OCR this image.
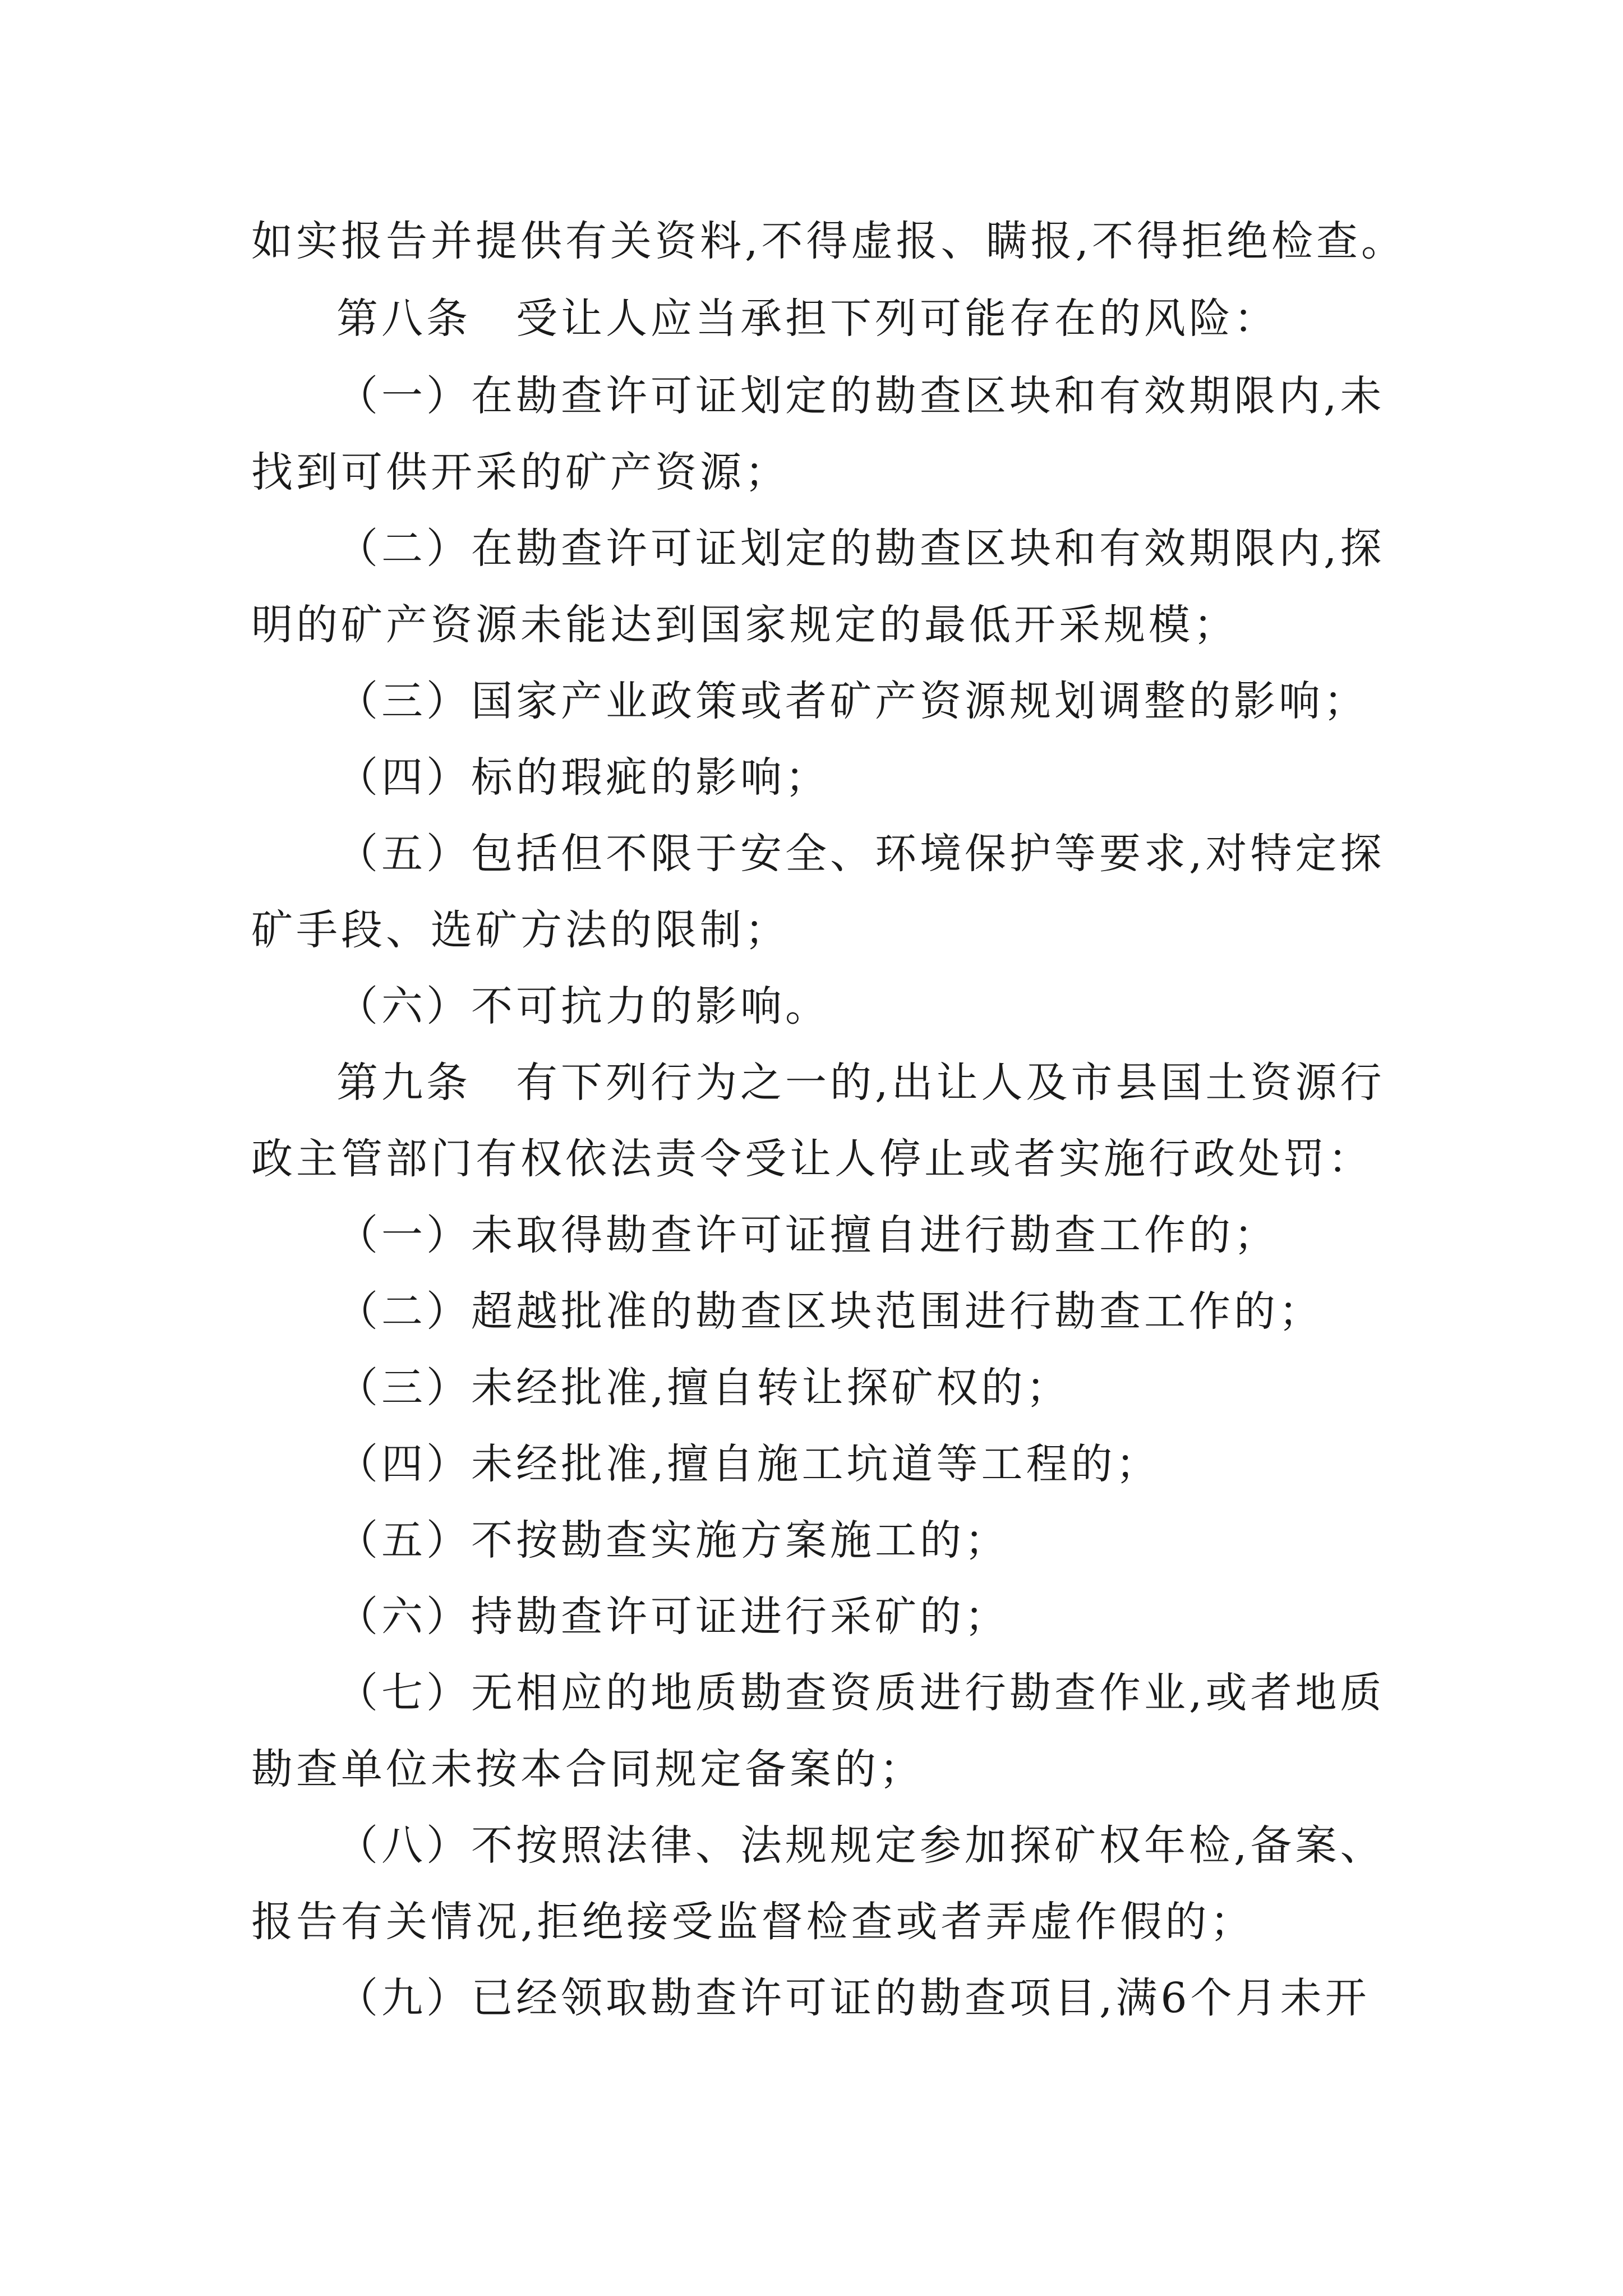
如实报告并提供有关资料,不得虚报、瞒报,不得拒绝检查。

第八条 受让人应当承担下列可能存在的风险：

（一）在勘查许可证划定的勘查区块和有效期限内,未

找到可供开采的矿产资源；

（二）在勘查许可证划定的勘查区块和有效期限内,探

明的矿产资源未能达到国家规定的最低开采规模；

（三）国家产业政策或者矿产资源规划调整的影响；

（四）标的瑕疵的影响；

（五）包括但不限于安全、环境保护等要求,对特定探

矿手段、选矿方法的限制；

（六）不可抗力的影响。

第九条 有下列行为之一的,出让人及市县国土资源行

政主管部门有权依法责令受让人停止或者实施行政处罚：

（一）未取得勘查许可证擅自进行勘查工作的；

（二）超越批准的勘查区块范围进行勘查工作的；

（三）未经批准,擅自转让探矿权的；

（四）未经批准,擅自施工坑道等工程的；

（五）不按勘查实施方案施工的；

（六）持勘查许可证进行采矿的；

（七）无相应的地质勘查资质进行勘查作业,或者地质

勘查单位未按本合同规定备案的；

（八）不按照法律、法规规定参加探矿权年检,备案、

报告有关情况,拒绝接受监督检查或者弄虚作假的；

（九）已经领取勘查许可证的勘查项目,满6个月未开
